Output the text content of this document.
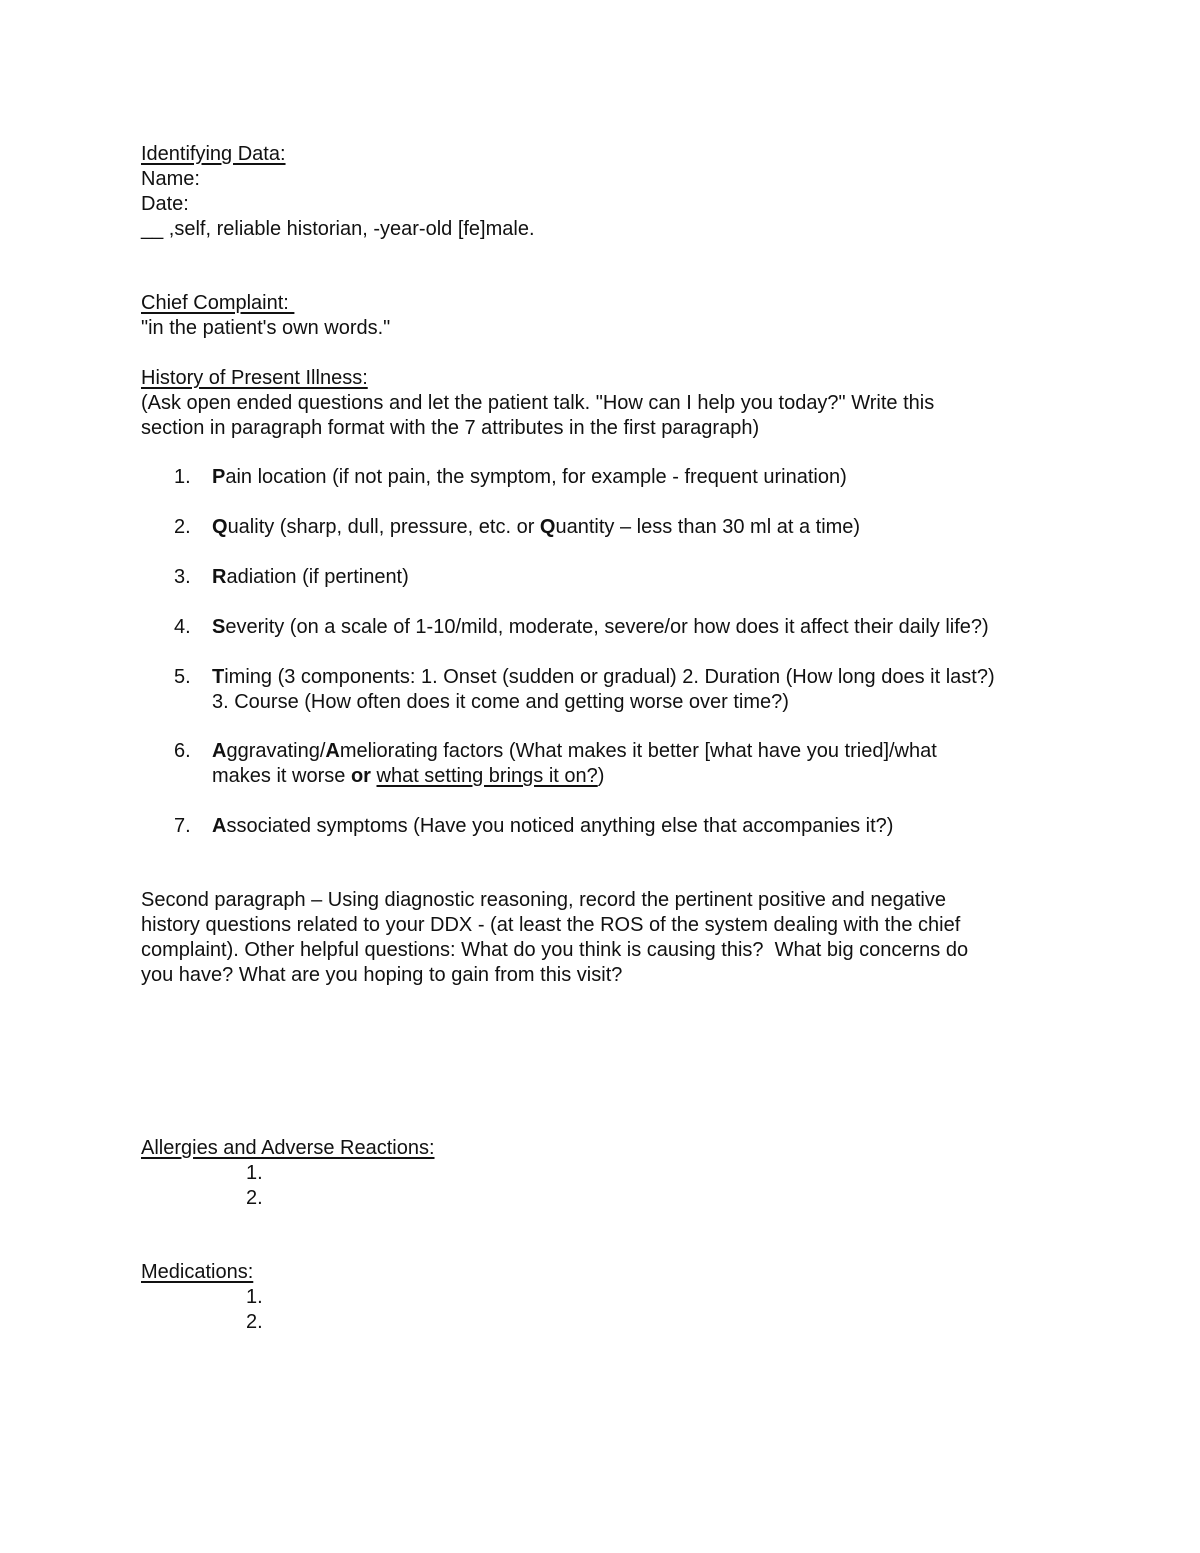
Identifying Data:
Name:
Date:
__ ,self, reliable historian, -year-old [fe]male.
Chief Complaint:
"in the patient's own words."
History of Present Illness:
(Ask open ended questions and let the patient talk. "How can I help you today?" Write this
section in paragraph format with the 7 attributes in the first paragraph)
1. Pain location (if not pain, the symptom, for example - frequent urination)
2. Quality (sharp, dull, pressure, etc. or Quantity – less than 30 ml at a time)
3. Radiation (if pertinent)
4. Severity (on a scale of 1-10/mild, moderate, severe/or how does it affect their daily life?)
5. Timing (3 components: 1. Onset (sudden or gradual) 2. Duration (How long does it last?)
3. Course (How often does it come and getting worse over time?)
6. Aggravating/Ameliorating factors (What makes it better [what have you tried]/what
makes it worse or what setting brings it on?)
7. Associated symptoms (Have you noticed anything else that accompanies it?)
Second paragraph – Using diagnostic reasoning, record the pertinent positive and negative
history questions related to your DDX - (at least the ROS of the system dealing with the chief
complaint). Other helpful questions: What do you think is causing this?  What big concerns do
you have? What are you hoping to gain from this visit?
Allergies and Adverse Reactions:
1.
2.
Medications:
1.
2.
